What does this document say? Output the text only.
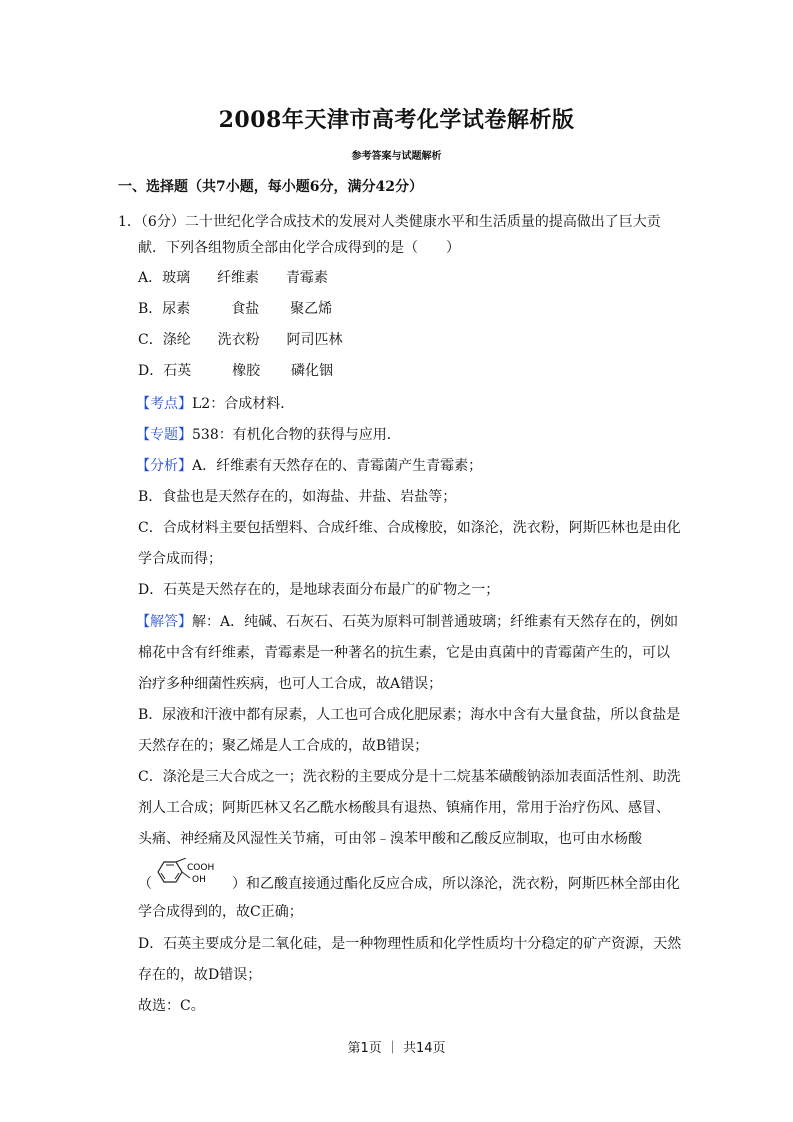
2008年天津市高考化学试卷解析版
参考答案与试题解析
一、选择题（共7小题，每小题6分，满分42分）
1．（6分）二十世纪化学合成技术的发展对人类健康水平和生活质量的提高做出了巨大贡
献．下列各组物质全部由化学合成得到的是（　　）
A．玻璃 纤维素 青霉素
B．尿素	食盐 聚乙烯
C．涤纶 洗衣粉 阿司匹林
D．石英	橡胶 磷化铟
【考点】L2：合成材料．
【专题】538：有机化合物的获得与应用．
【分析】A．纤维素有天然存在的、青霉菌产生青霉素；
B．食盐也是天然存在的，如海盐、井盐、岩盐等；
C．合成材料主要包括塑料、合成纤维、合成橡胶，如涤沦，洗衣粉，阿斯匹林也是由化
学合成而得；
D．石英是天然存在的，是地球表面分布最广的矿物之一；
【解答】解：A．纯碱、石灰石、石英为原料可制普通玻璃；纤维素有天然存在的，例如
棉花中含有纤维素，青霉素是一种著名的抗生素，它是由真菌中的青霉菌产生的，可以
治疗多种细菌性疾病，也可人工合成，故A错误；
B．尿液和汗液中都有尿素，人工也可合成化肥尿素；海水中含有大量食盐，所以食盐是
天然存在的；聚乙烯是人工合成的，故B错误；
C．涤沦是三大合成之一；洗衣粉的主要成分是十二烷基苯磺酸钠添加表面活性剂、助洗
剂人工合成；阿斯匹林又名乙酰水杨酸具有退热、镇痛作用，常用于治疗伤风、感冒、
头痛、神经痛及风湿性关节痛，可由邻﹣溴苯甲酸和乙酸反应制取，也可由水杨酸
（
COOH
OH ）和乙酸直接通过酯化反应合成，所以涤沦，洗衣粉，阿斯匹林全部由化
学合成得到的，故C正确；
D．石英主要成分是二氧化硅，是一种物理性质和化学性质均十分稳定的矿产资源，天然
存在的，故D错误；
故选：C。
第1页 ｜ 共14页
